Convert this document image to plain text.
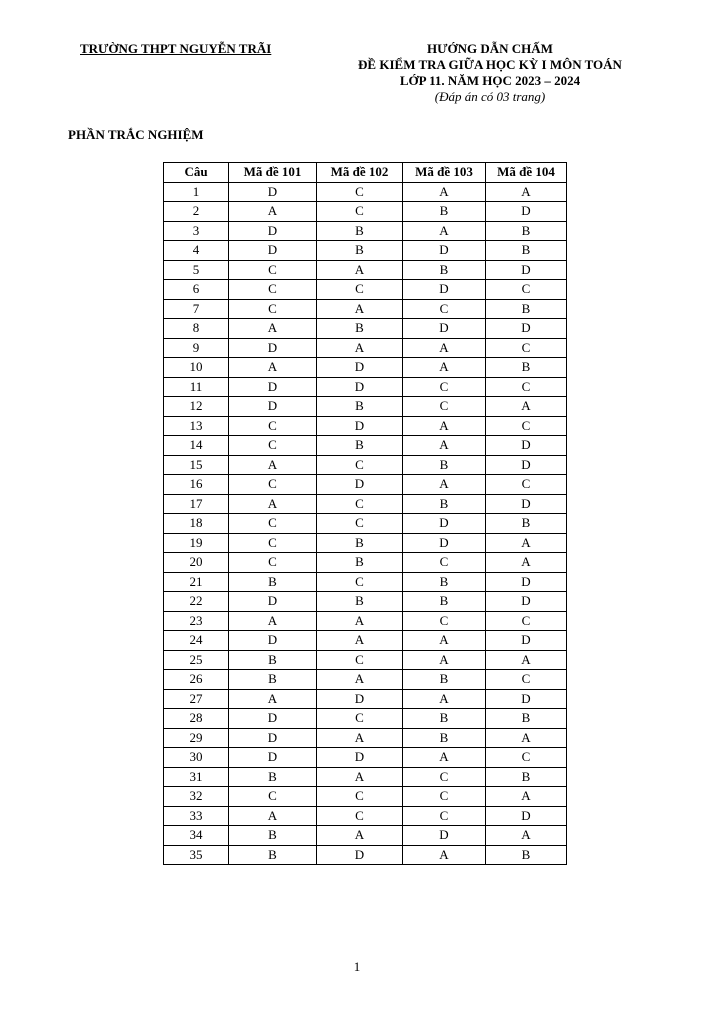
TRƯỜNG THPT NGUYỄN TRÃI	HƯỚNG DẪN CHẤM
ĐỀ KIỂM TRA GIỮA HỌC KỲ I MÔN TOÁN
LỚP 11. NĂM HỌC 2023 – 2024
(Đáp án có 03 trang)
PHẦN TRẮC NGHIỆM
Câu	Mã đề 101	Mã đề 102	Mã đề 103	Mã đề 104
1	D	C	A	A
2	A	C	B	D
3	D	B	A	B
4	D	B	D	B
5	C	A	B	D
6	C	C	D	C
7	C	A	C	B
8	A	B	D	D
9	D	A	A	C
10	A	D	A	B
11	D	D	C	C
12	D	B	C	A
13	C	D	A	C
14	C	B	A	D
15	A	C	B	D
16	C	D	A	C
17	A	C	B	D
18	C	C	D	B
19	C	B	D	A
20	C	B	C	A
21	B	C	B	D
22	D	B	B	D
23	A	A	C	C
24	D	A	A	D
25	B	C	A	A
26	B	A	B	C
27	A	D	A	D
28	D	C	B	B
29	D	A	B	A
30	D	D	A	C
31	B	A	C	B
32	C	C	C	A
33	A	C	C	D
34	B	A	D	A
35	B	D	A	B
1
